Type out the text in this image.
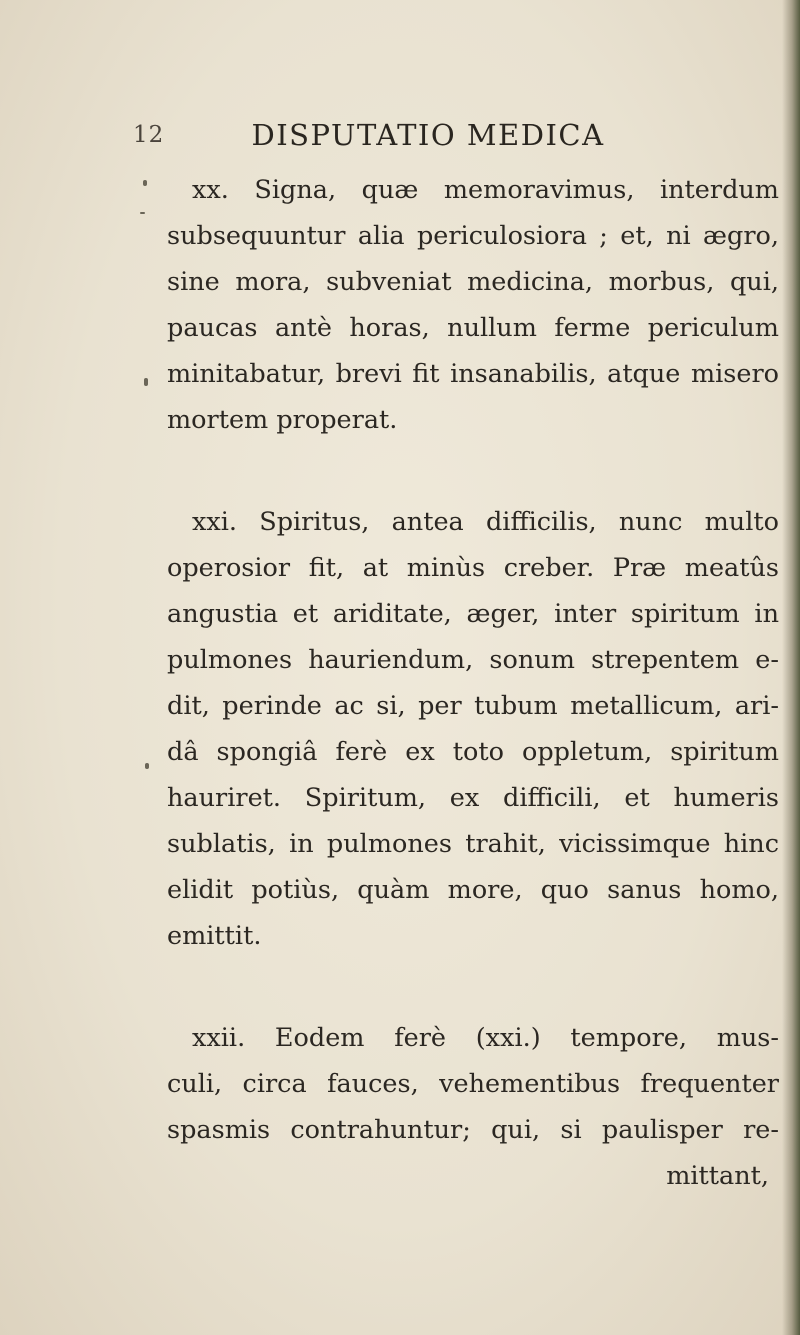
12	DISPUTATIO MEDICA
xx. Signa, quæ memoravimus, interdum
subsequuntur alia periculosiora ; et, ni ægro,
sine mora, subveniat medicina, morbus, qui,
paucas antè horas, nullum ferme periculum
minitabatur, brevi fit insanabilis, atque misero
mortem properat.
xxi. Spiritus, antea difficilis, nunc multo
operosior fit, at minùs creber. Præ meatûs
angustia et ariditate, æger, inter spiritum in
pulmones hauriendum, sonum strepentem e-
dit, perinde ac si, per tubum metallicum, ari-
dâ spongiâ ferè ex toto oppletum, spiritum
hauriret. Spiritum, ex difficili, et humeris
sublatis, in pulmones trahit, vicissimque hinc
elidit potiùs, quàm more, quo sanus homo,
emittit.
xxii. Eodem ferè (xxi.) tempore, mus-
culi, circa fauces, vehementibus frequenter
spasmis contrahuntur; qui, si paulisper re-
mittant,
